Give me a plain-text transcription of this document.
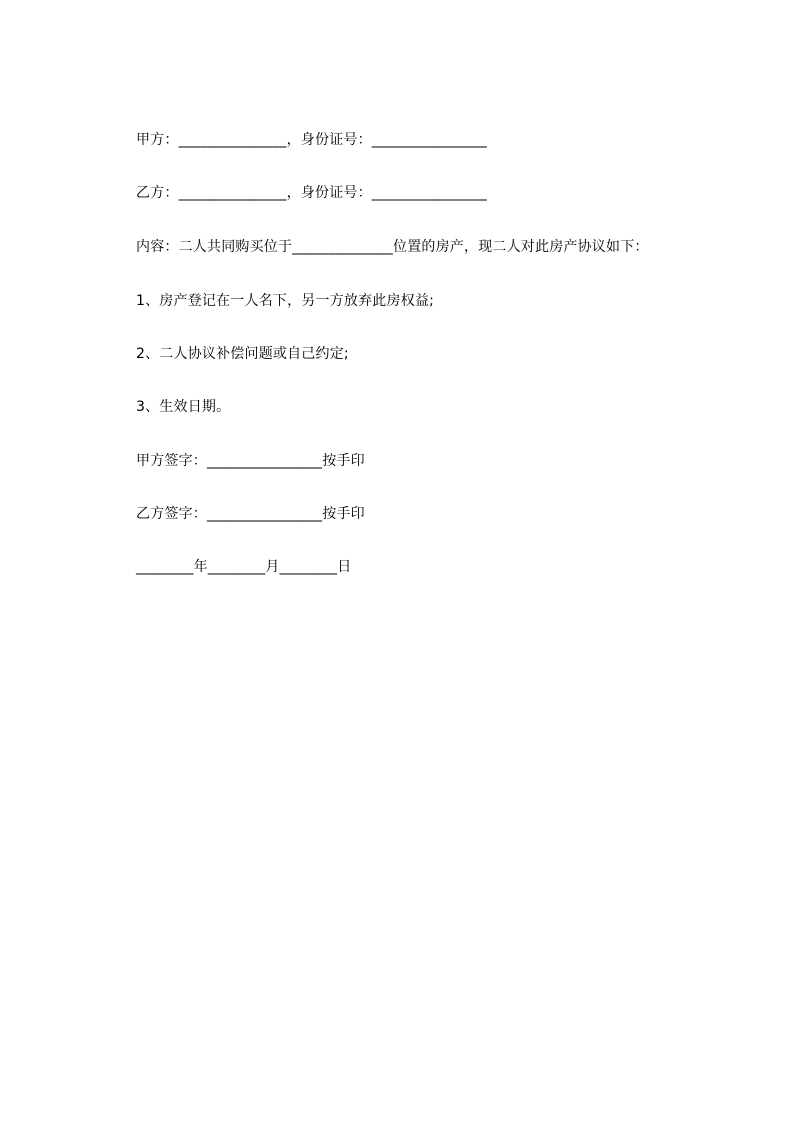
甲方：_______________，身份证号：________________
乙方：_______________，身份证号：________________
内容：二人共同购买位于______________位置的房产，现二人对此房产协议如下：
1、房产登记在一人名下，另一方放弃此房权益;
2、二人协议补偿问题或自己约定;
3、生效日期。
甲方签字：________________按手印
乙方签字：________________按手印
________年________月________日
